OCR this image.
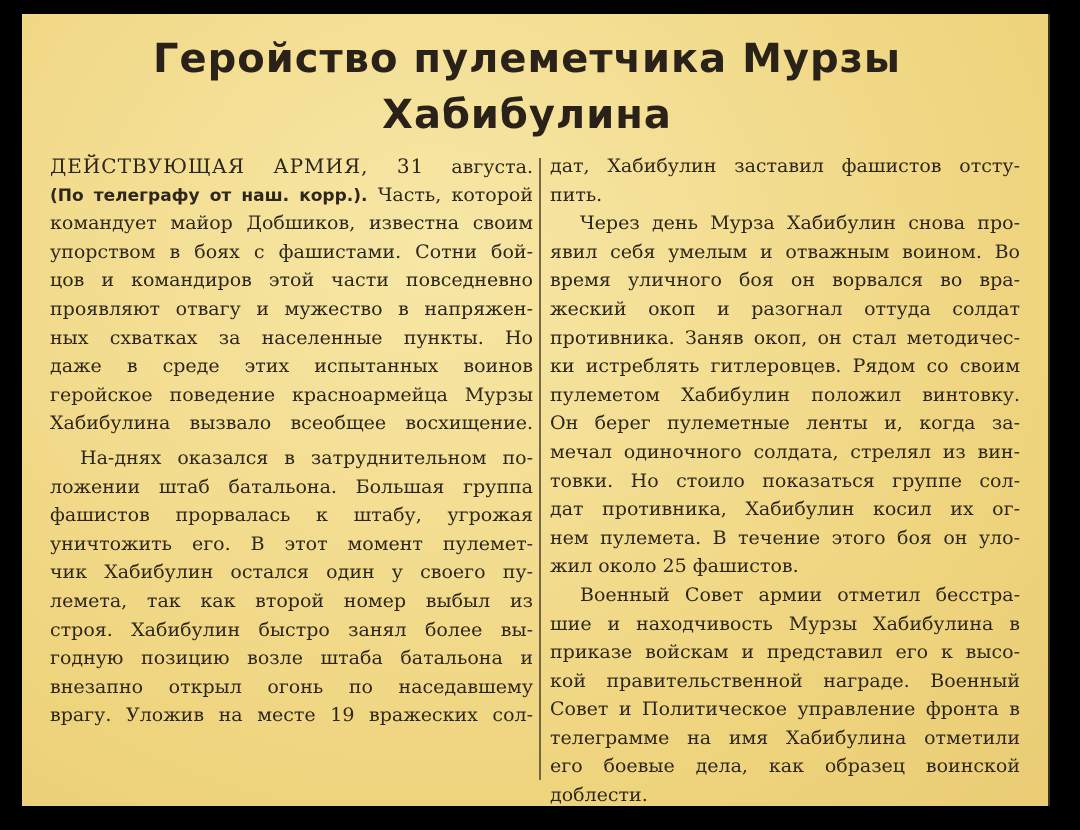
Геройство пулеметчика Мурзы
Хабибулина
ДЕЙСТВУЮЩАЯ АРМИЯ, 31 августа.
(По телеграфу от наш. корр.). Часть, которой
командует майор Добшиков, известна своим
упорством в боях с фашистами. Сотни бой-
цов и командиров этой части повседневно
проявляют отвагу и мужество в напряжен-
ных схватках за населенные пункты. Но
даже в среде этих испытанных воинов
геройское поведение красноармейца Мурзы
Хабибулина вызвало всеобщее восхищение.
На-днях оказался в затруднительном по-
ложении штаб батальона. Большая группа
фашистов прорвалась к штабу, угрожая
уничтожить его. В этот момент пулемет-
чик Хабибулин остался один у своего пу-
лемета, так как второй номер выбыл из
строя. Хабибулин быстро занял более вы-
годную позицию возле штаба батальона и
внезапно открыл огонь по наседавшему
врагу. Уложив на месте 19 вражеских сол-
дат, Хабибулин заставил фашистов отсту-
пить.
Через день Мурза Хабибулин снова про-
явил себя умелым и отважным воином. Во
время уличного боя он ворвался во вра-
жеский окоп и разогнал оттуда солдат
противника. Заняв окоп, он стал методичес-
ки истреблять гитлеровцев. Рядом со своим
пулеметом Хабибулин положил винтовку.
Он берег пулеметные ленты и, когда за-
мечал одиночного солдата, стрелял из вин-
товки. Но стоило показаться группе сол-
дат противника, Хабибулин косил их ог-
нем пулемета. В течение этого боя он уло-
жил около 25 фашистов.
Военный Совет армии отметил бесстра-
шие и находчивость Мурзы Хабибулина в
приказе войскам и представил его к высо-
кой правительственной награде. Военный
Совет и Политическое управление фронта в
телеграмме на имя Хабибулина отметили
его боевые дела, как образец воинской
доблести.
